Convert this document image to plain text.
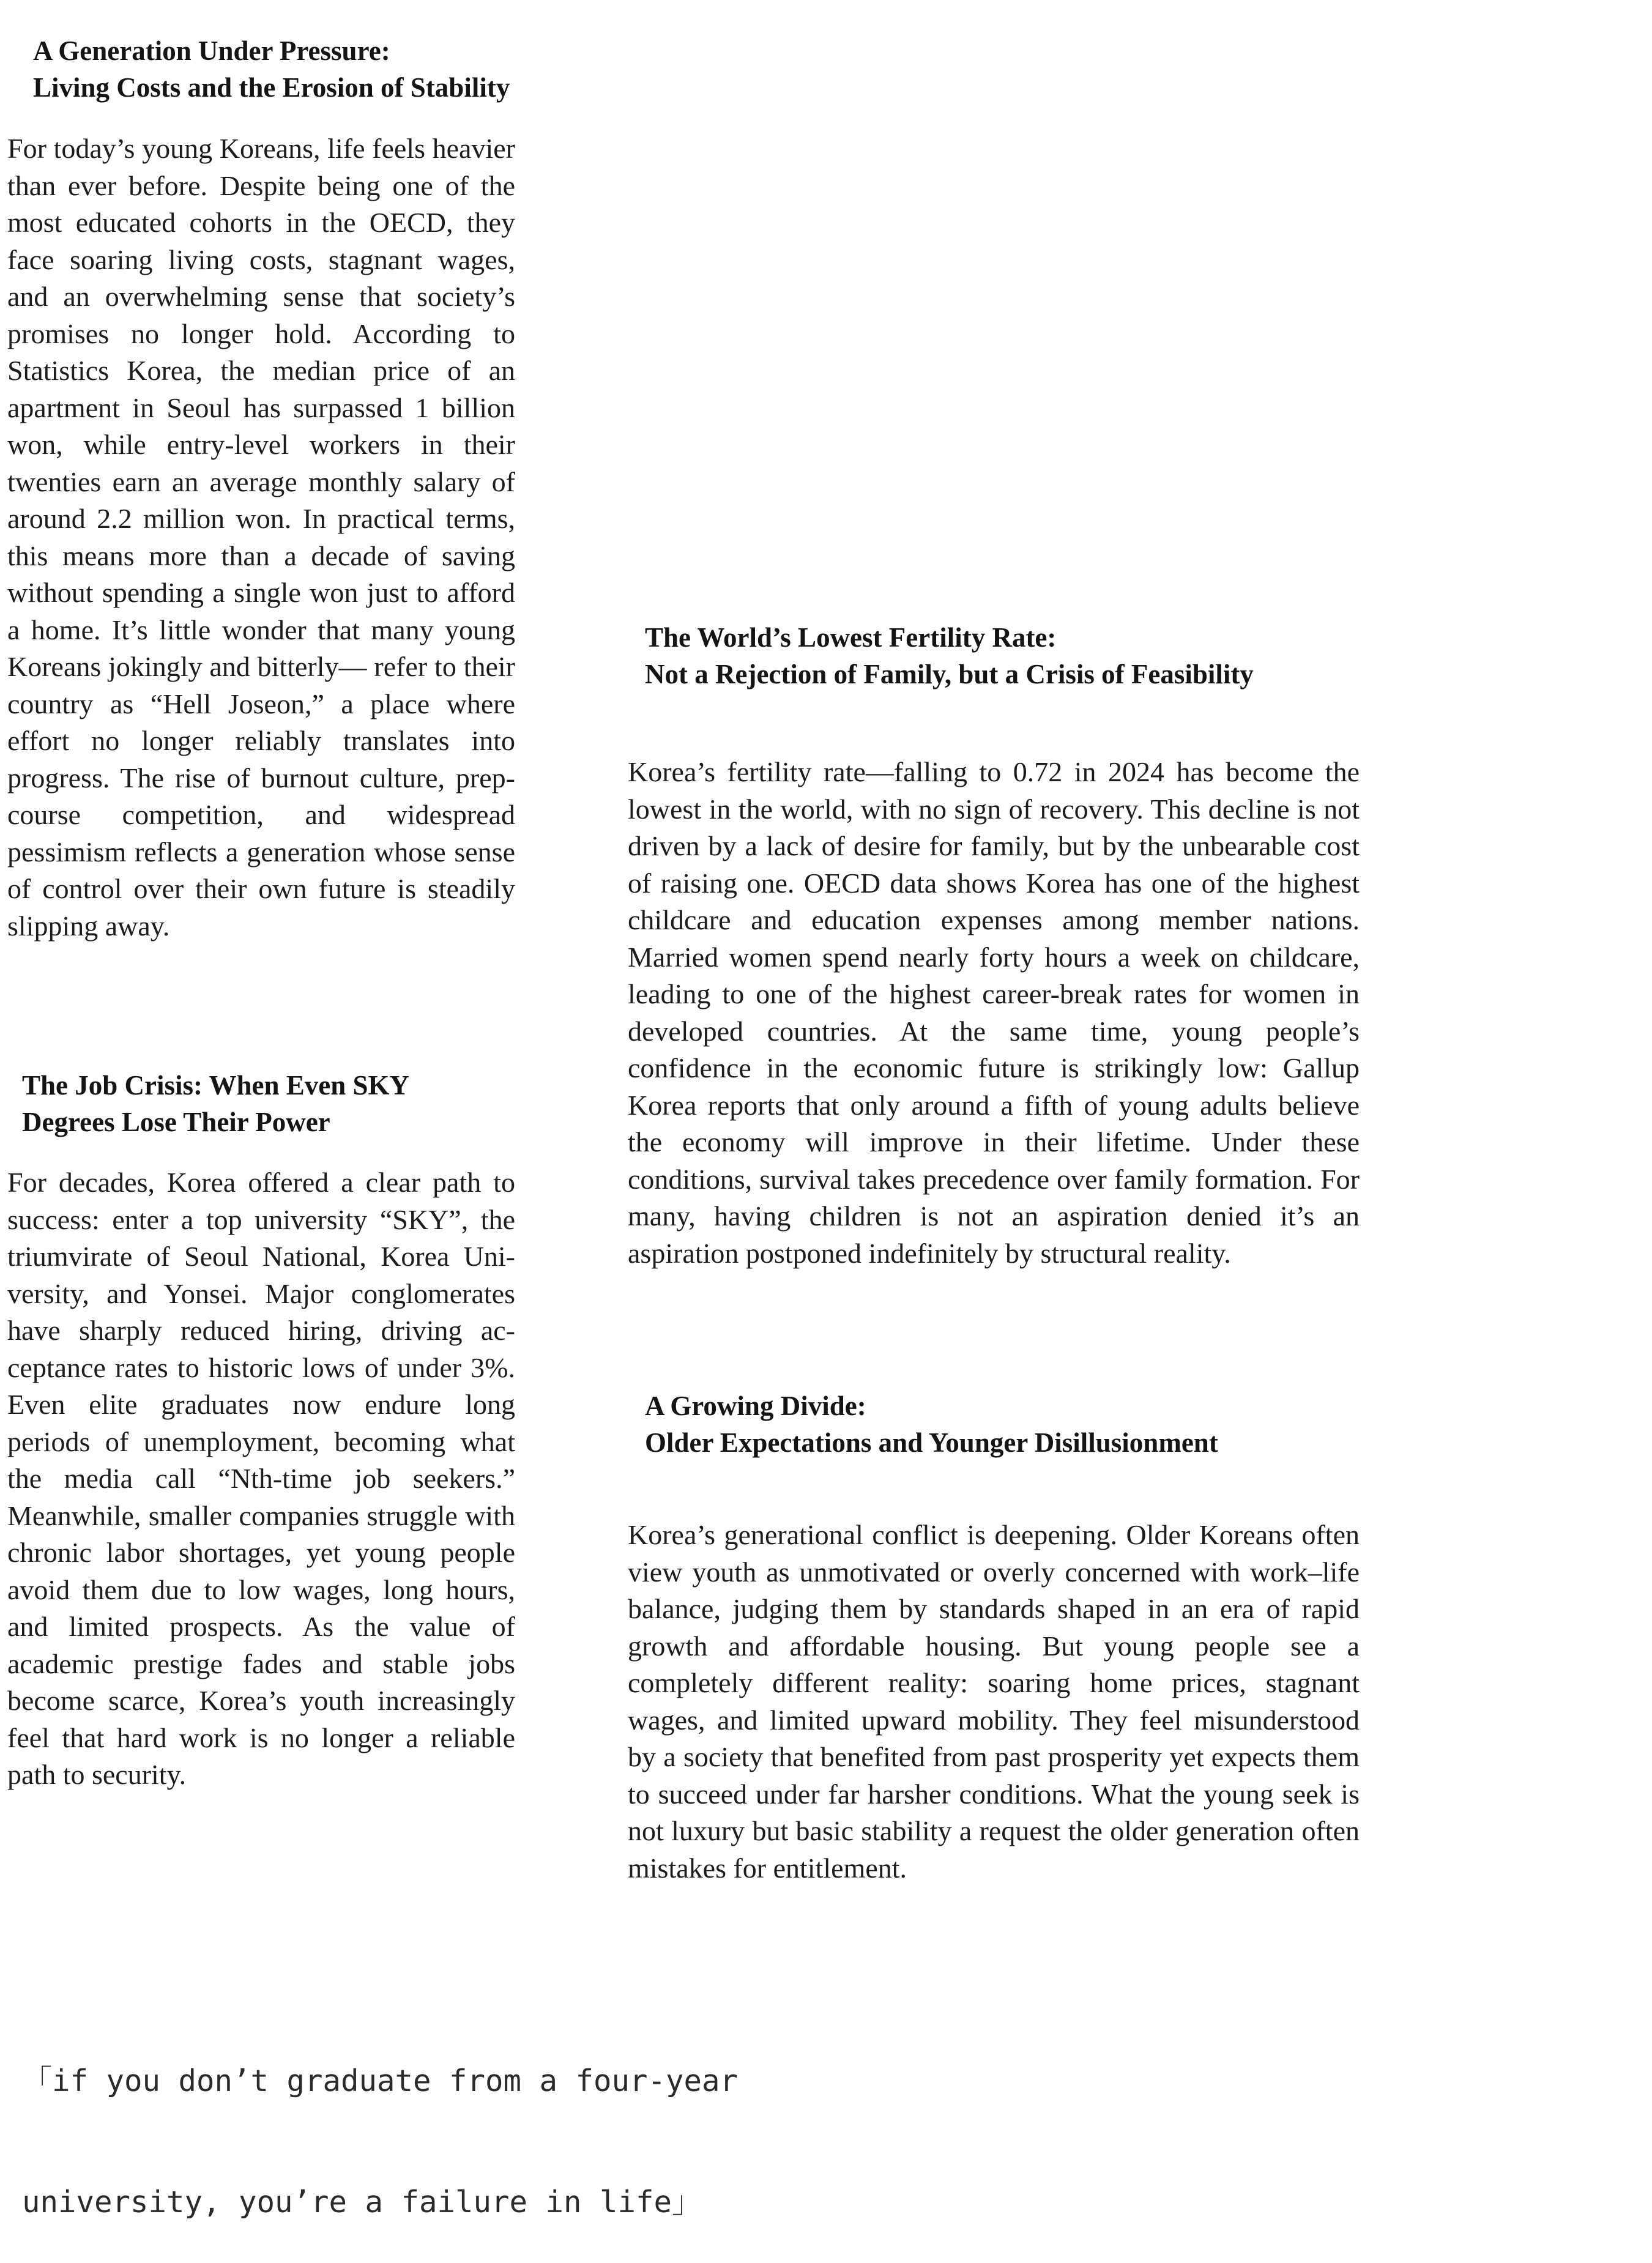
A Generation Under Pressure:
Living Costs and the Erosion of Stability

For today’s young Koreans, life feels heavier than ever before. Despite being one of the most educated cohorts in the OECD, they face soaring living costs, stagnant wages, and an overwhelming sense that society’s promises no longer hold. According to Statistics Korea, the median price of an apartment in Seoul has surpassed 1 billion won, while entry-level workers in their twenties earn an average monthly salary of around 2.2 million won. In practical terms, this means more than a decade of saving without spending a single won just to afford a home. It’s little wonder that many young Koreans jokingly and bitterly— refer to their country as “Hell Joseon,” a place where effort no longer reliably translates into progress. The rise of burnout culture, prep-course competition, and widespread pessimism reflects a generation whose sense of control over their own future is steadily slipping away.

The Job Crisis: When Even SKY
Degrees Lose Their Power

For decades, Korea offered a clear path to success: enter a top university “SKY”, the triumvirate of Seoul National, Korea University, and Yonsei. Major conglomerates have sharply reduced hiring, driving acceptance rates to historic lows of under 3%. Even elite graduates now endure long periods of unemployment, becoming what the media call “Nth-time job seekers.” Meanwhile, smaller companies struggle with chronic labor shortages, yet young people avoid them due to low wages, long hours, and limited prospects. As the value of academic prestige fades and stable jobs become scarce, Korea’s youth increasingly feel that hard work is no longer a reliable path to security.

The World’s Lowest Fertility Rate:
Not a Rejection of Family, but a Crisis of Feasibility

Korea’s fertility rate—falling to 0.72 in 2024 has become the lowest in the world, with no sign of recovery. This decline is not driven by a lack of desire for family, but by the unbearable cost of raising one. OECD data shows Korea has one of the highest childcare and education expenses among member nations. Married women spend nearly forty hours a week on childcare, leading to one of the highest career-break rates for women in developed countries. At the same time, young people’s confidence in the economic future is strikingly low: Gallup Korea reports that only around a fifth of young adults believe the economy will improve in their lifetime. Under these conditions, survival takes precedence over family formation. For many, having children is not an aspiration denied it’s an aspiration postponed indefinitely by structural reality.

A Growing Divide:
Older Expectations and Younger Disillusionment

Korea’s generational conflict is deepening. Older Koreans often view youth as unmotivated or overly concerned with work–life balance, judging them by standards shaped in an era of rapid growth and affordable housing. But young people see a completely different reality: soaring home prices, stagnant wages, and limited upward mobility. They feel misunderstood by a society that benefited from past prosperity yet expects them to succeed under far harsher conditions. What the young seek is not luxury but basic stability a request the older generation often mistakes for entitlement.

「if you don’t graduate from a four-year

university, you’re a failure in life」
